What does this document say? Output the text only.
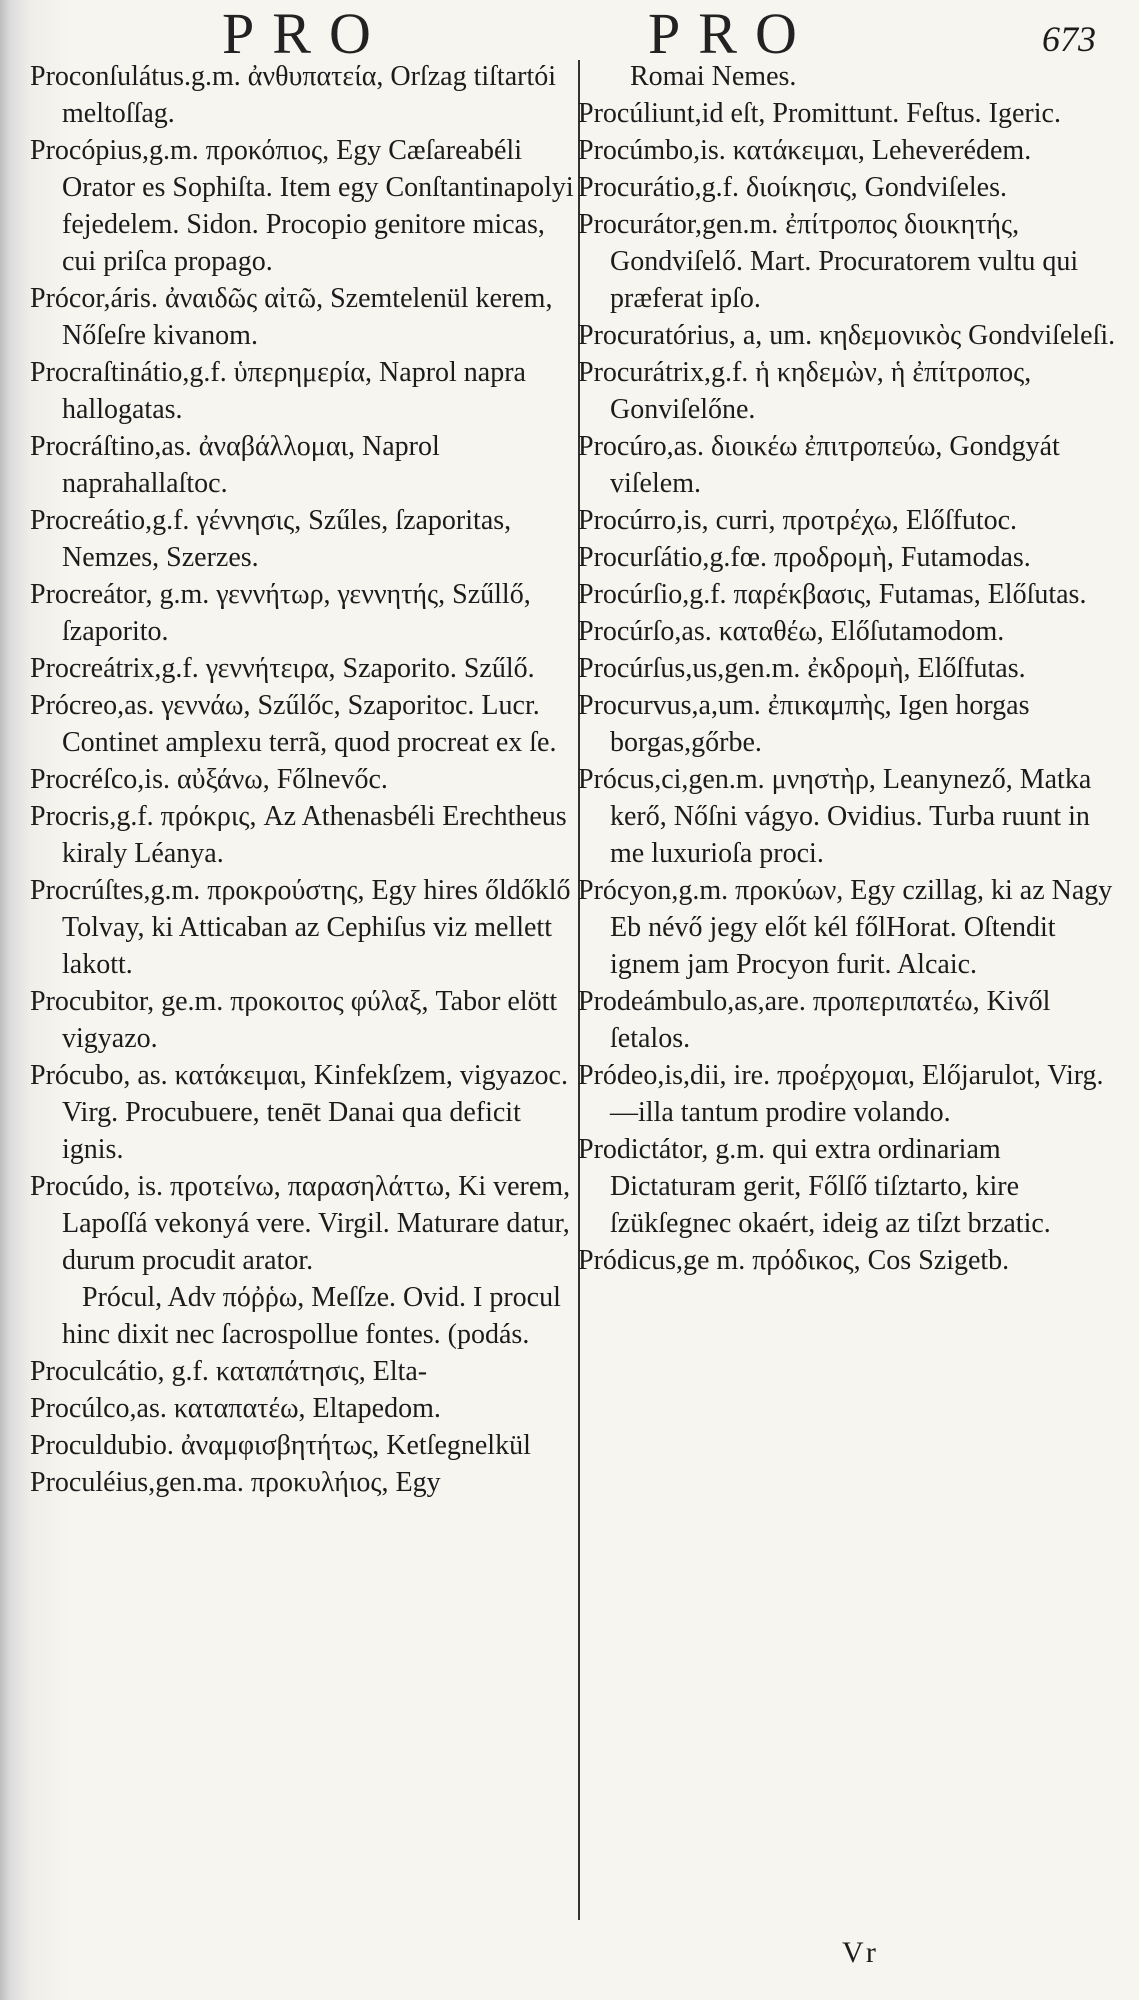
PRO	PRO	673

Proconſulátus.g.m. ἀνθυπατεία, Orſzag tiſtartói meltoſſag.

Procópius,g.m. προκόπιος, Egy Cæſareabéli Orator es Sophiſta. Item egy Conſtantinapolyi fejedelem. Sidon. Procopio genitore micas, cui priſca propago.

Prócor,áris. ἀναιδῶς αἰτῶ, Szemtelenül kerem, Nőſeſre kivanom.

Procraſtinátio,g.f. ὑπερημερία, Naprol napra hallogatas.

Procráſtino,as. ἀναβάλλομαι, Naprol naprahallaſtoc.

Procreátio,g.f. γέννησις, Szűles, ſzaporitas, Nemzes, Szerzes.

Procreátor, g.m. γεννήτωρ, γεννητής, Szűllő, ſzaporito.

Procreátrix,g.f. γεννήτειρα, Szaporito. Szűlő.

Prócreo,as. γεννάω, Szűlőc, Szaporitoc. Lucr. Continet amplexu terrã, quod procreat ex ſe.

Procréſco,is. αὐξάνω, Főlnevőc.

Procris,g.f. πρόκρις, Az Athenasbéli Erechtheus kiraly Léanya.

Procrúſtes,g.m. προκρούστης, Egy hires őldőklő Tolvay, ki Atticaban az Cephiſus viz mellett lakott.

Procubitor, ge.m. προκοιτος φύλαξ, Tabor elött vigyazo.

Prócubo, as. κατάκειμαι, Kinfekſzem, vigyazoc. Virg. Procubuere, tenēt Danai qua deficit ignis.

Procúdo, is. προτείνω, παρασηλάττω, Ki verem, Lapoſſá vekonyá vere. Virgil. Maturare datur, durum procudit arator.

Prócul, Adv πόῤῥω, Meſſze. Ovid. I procul hinc dixit nec ſacrospollue fontes. (podás.

Proculcátio, g.f. καταπάτησις, Elta-

Procúlco,as. καταπατέω, Eltapedom.

Proculdubio. ἀναμφισβητήτως, Ketſegnelkül

Proculéius,gen.ma. προκυλήιος, Egy

Romai Nemes.

Procúliunt,id eſt, Promittunt. Feſtus. Igeric.

Procúmbo,is. κατάκειμαι, Leheverédem.

Procurátio,g.f. διοίκησις, Gondviſeles.

Procurátor,gen.m. ἐπίτροπος διοικητής, Gondviſelő. Mart. Procuratorem vultu qui præferat ipſo.

Procuratórius, a, um. κηδεμονικὸς Gondviſeleſi.

Procurátrix,g.f. ἡ κηδεμὼν, ἡ ἐπίτροπος, Gonviſelőne.

Procúro,as. διοικέω ἐπιτροπεύω, Gondgyát viſelem.

Procúrro,is, curri, προτρέχω, Előſfutoc.

Procurſátio,g.fœ. προδρομὴ, Futamodas.

Procúrſio,g.f. παρέκβασις, Futamas, Előſutas.

Procúrſo,as. καταθέω, Előſutamodom.

Procúrſus,us,gen.m. ἐκδρομὴ, Előſfutas.

Procurvus,a,um. ἐπικαμπὴς, Igen horgas borgas,gőrbe.

Prócus,ci,gen.m. μνηστὴρ, Leanynező, Matka kerő, Nőſni vágyo. Ovidius. Turba ruunt in me luxurioſa proci.

Prócyon,g.m. προκύων, Egy czillag, ki az Nagy Eb névő jegy előt kél főlHorat. Oſtendit ignem jam Procyon furit. Alcaic.

Prodeámbulo,as,are. προπεριπατέω, Kivől ſetalos.

Pródeo,is,dii, ire. προέρχομαι, Előjarulot, Virg. —illa tantum prodire volando.

Prodictátor, g.m. qui extra ordinariam Dictaturam gerit, Főlſő tiſztarto, kire ſzükſegnec okaért, ideig az tiſzt brzatic.

Pródicus,ge m. πρόδικος, Cos Szigetb.

Vr
